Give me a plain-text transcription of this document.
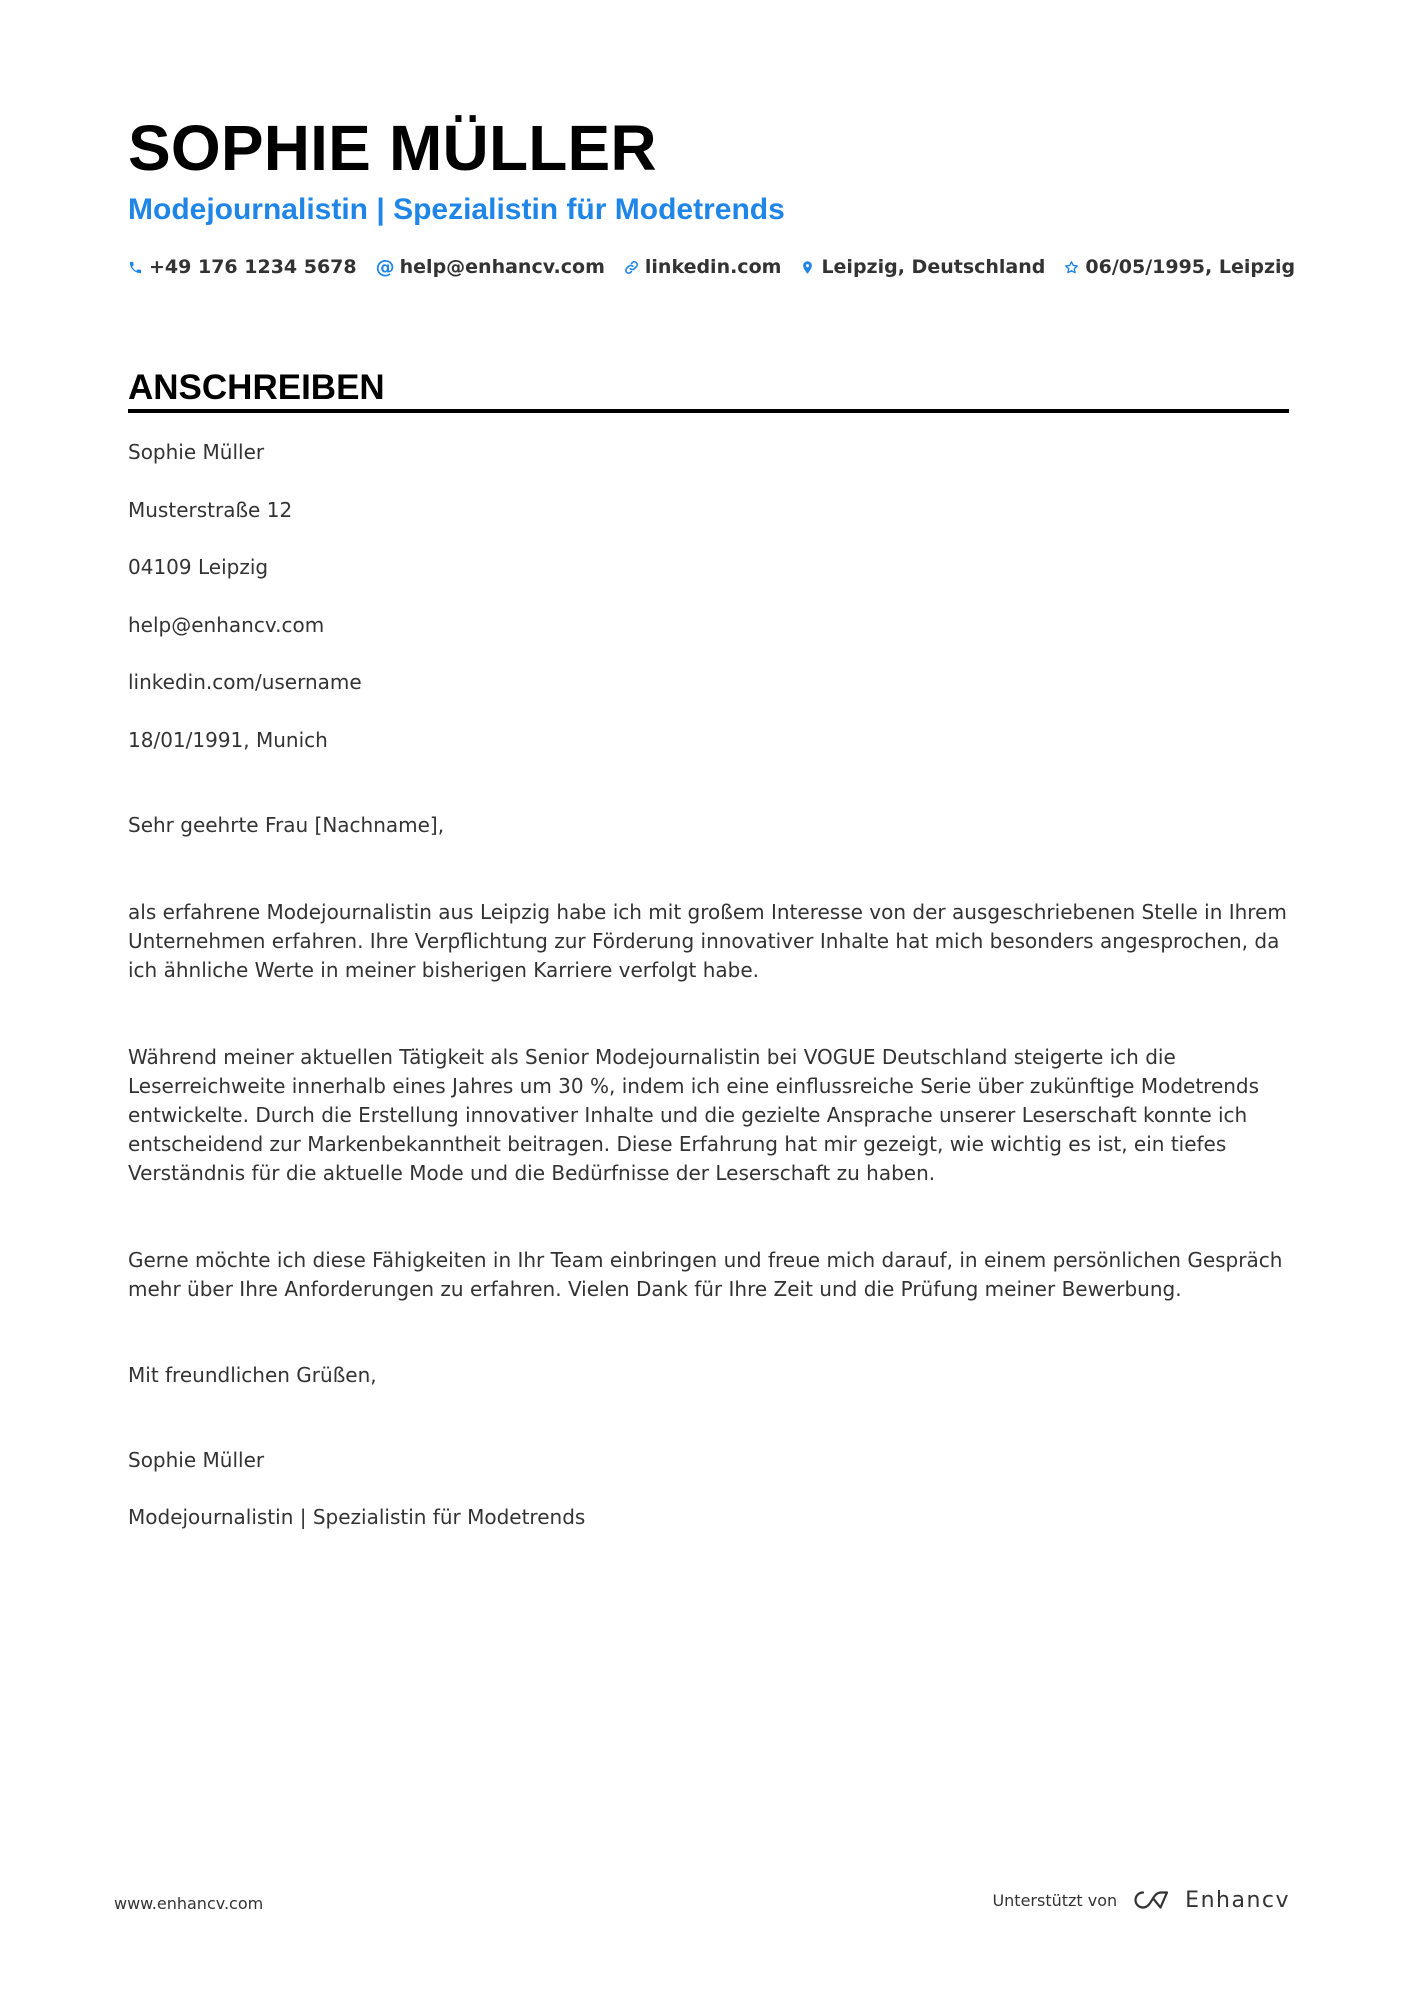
SOPHIE MÜLLER
Modejournalistin | Spezialistin für Modetrends
+49 176 1234 5678 @ help@enhancv.com linkedin.com Leipzig, Deutschland 06/05/1995, Leipzig
ANSCHREIBEN

Sophie Müller

Musterstraße 12

04109 Leipzig

help@enhancv.com

linkedin.com/username

18/01/1991, Munich

Sehr geehrte Frau [Nachname],

als erfahrene Modejournalistin aus Leipzig habe ich mit großem Interesse von der ausgeschriebenen Stelle in Ihrem Unternehmen erfahren. Ihre Verpflichtung zur Förderung innovativer Inhalte hat mich besonders angesprochen, da ich ähnliche Werte in meiner bisherigen Karriere verfolgt habe.

Während meiner aktuellen Tätigkeit als Senior Modejournalistin bei VOGUE Deutschland steigerte ich die Leserreichweite innerhalb eines Jahres um 30 %, indem ich eine einflussreiche Serie über zukünftige Modetrends entwickelte. Durch die Erstellung innovativer Inhalte und die gezielte Ansprache unserer Leserschaft konnte ich entscheidend zur Markenbekanntheit beitragen. Diese Erfahrung hat mir gezeigt, wie wichtig es ist, ein tiefes Verständnis für die aktuelle Mode und die Bedürfnisse der Leserschaft zu haben.

Gerne möchte ich diese Fähigkeiten in Ihr Team einbringen und freue mich darauf, in einem persönlichen Gespräch mehr über Ihre Anforderungen zu erfahren. Vielen Dank für Ihre Zeit und die Prüfung meiner Bewerbung.

Mit freundlichen Grüßen,

Sophie Müller

Modejournalistin | Spezialistin für Modetrends

www.enhancv.com	Unterstützt von	Enhancv
